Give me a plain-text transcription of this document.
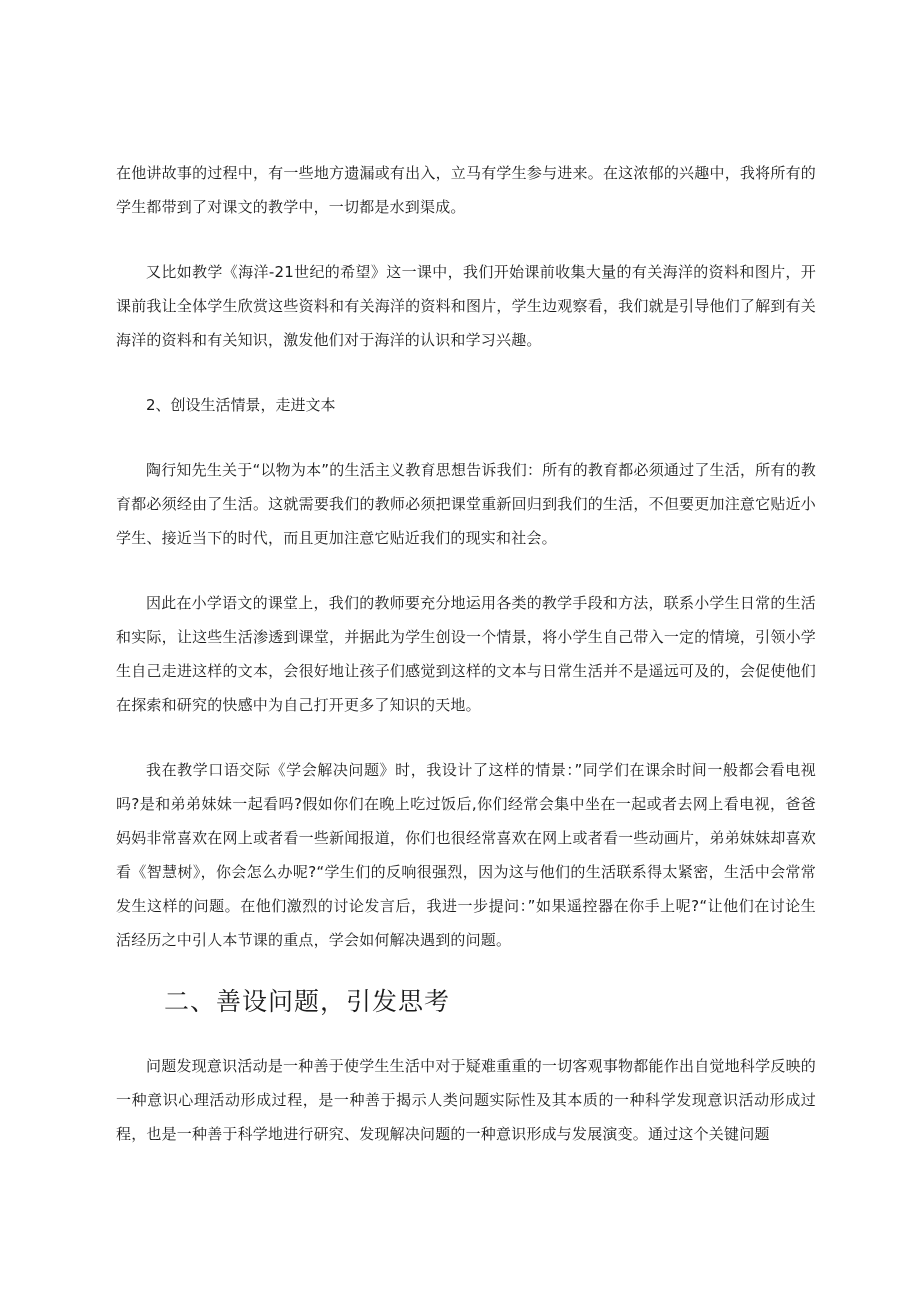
在他讲故事的过程中，有一些地方遗漏或有出入，立马有学生参与进来。在这浓郁的兴趣中，我将所有的学生都带到了对课文的教学中，一切都是水到渠成。

又比如教学《海洋-21世纪的希望》这一课中，我们开始课前收集大量的有关海洋的资料和图片，开课前我让全体学生欣赏这些资料和有关海洋的资料和图片，学生边观察看，我们就是引导他们了解到有关海洋的资料和有关知识，激发他们对于海洋的认识和学习兴趣。

2、创设生活情景，走进文本

陶行知先生关于“以物为本”的生活主义教育思想告诉我们：所有的教育都必须通过了生活，所有的教育都必须经由了生活。这就需要我们的教师必须把课堂重新回归到我们的生活，不但要更加注意它贴近小学生、接近当下的时代，而且更加注意它贴近我们的现实和社会。

因此在小学语文的课堂上，我们的教师要充分地运用各类的教学手段和方法，联系小学生日常的生活和实际，让这些生活渗透到课堂，并据此为学生创设一个情景，将小学生自己带入一定的情境，引领小学生自己走进这样的文本，会很好地让孩子们感觉到这样的文本与日常生活并不是遥远可及的，会促使他们在探索和研究的快感中为自己打开更多了知识的天地。

我在教学口语交际《学会解决问题》时，我设计了这样的情景：”同学们在课余时间一般都会看电视吗?是和弟弟妹妹一起看吗?假如你们在晚上吃过饭后,你们经常会集中坐在一起或者去网上看电视，爸爸妈妈非常喜欢在网上或者看一些新闻报道，你们也很经常喜欢在网上或者看一些动画片，弟弟妹妹却喜欢看《智慧树》，你会怎么办呢?“学生们的反响很强烈，因为这与他们的生活联系得太紧密，生活中会常常发生这样的问题。在他们激烈的讨论发言后，我进一步提问：”如果遥控器在你手上呢?“让他们在讨论生活经历之中引人本节课的重点，学会如何解决遇到的问题。

二、善设问题，引发思考

问题发现意识活动是一种善于使学生生活中对于疑难重重的一切客观事物都能作出自觉地科学反映的一种意识心理活动形成过程，是一种善于揭示人类问题实际性及其本质的一种科学发现意识活动形成过程，也是一种善于科学地进行研究、发现解决问题的一种意识形成与发展演变。通过这个关键问题
